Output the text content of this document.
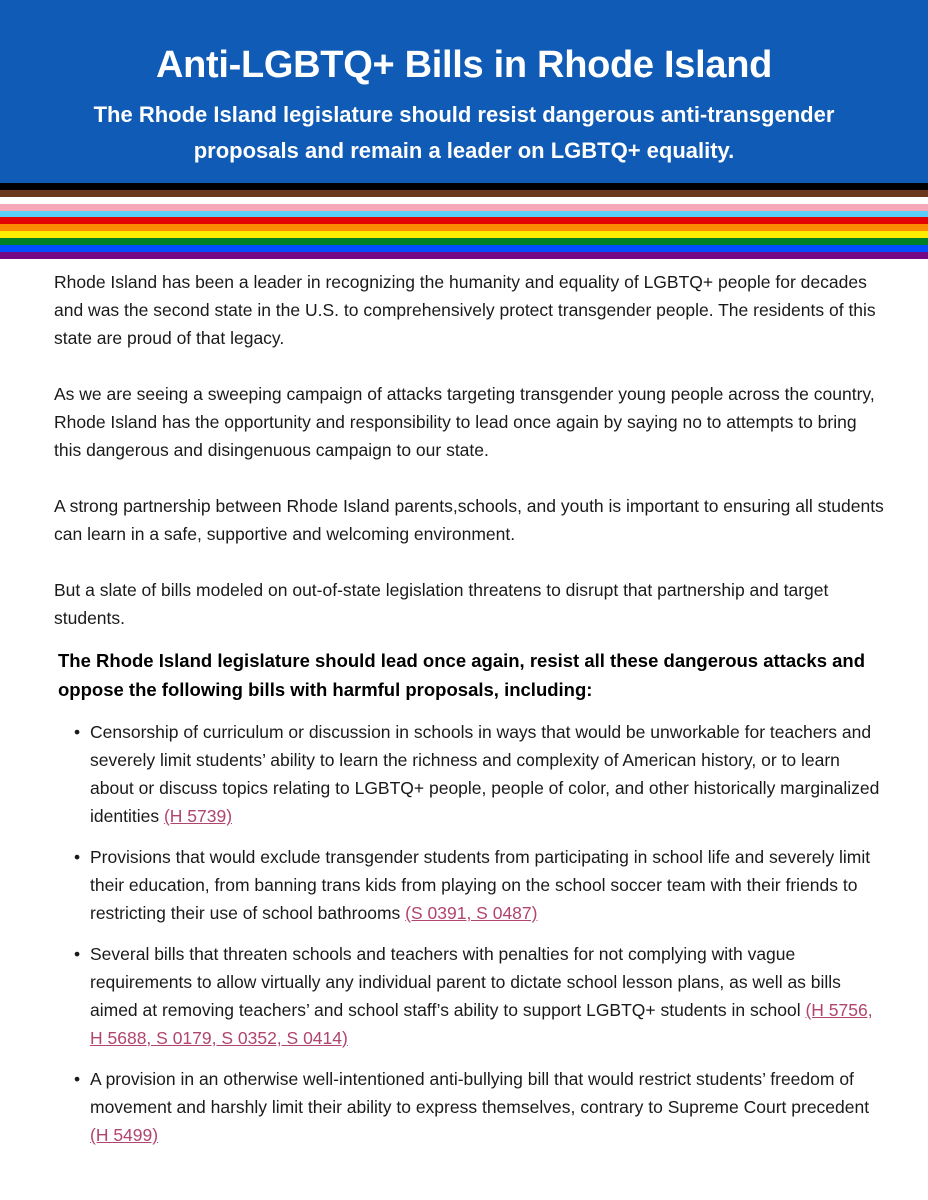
Anti-LGBTQ+ Bills in Rhode Island
The Rhode Island legislature should resist dangerous anti-transgender proposals and remain a leader on LGBTQ+ equality.

Rhode Island has been a leader in recognizing the humanity and equality of LGBTQ+ people for decades and was the second state in the U.S. to comprehensively protect transgender people. The residents of this state are proud of that legacy.

As we are seeing a sweeping campaign of attacks targeting transgender young people across the country, Rhode Island has the opportunity and responsibility to lead once again by saying no to attempts to bring this dangerous and disingenuous campaign to our state.

A strong partnership between Rhode Island parents,schools, and youth is important to ensuring all students can learn in a safe, supportive and welcoming environment.

But a slate of bills modeled on out-of-state legislation threatens to disrupt that partnership and target students.

The Rhode Island legislature should lead once again, resist all these dangerous attacks and oppose the following bills with harmful proposals, including:
• Censorship of curriculum or discussion in schools in ways that would be unworkable for teachers and severely limit students’ ability to learn the richness and complexity of American history, or to learn about or discuss topics relating to LGBTQ+ people, people of color, and other historically marginalized identities (H 5739)
• Provisions that would exclude transgender students from participating in school life and severely limit their education, from banning trans kids from playing on the school soccer team with their friends to restricting their use of school bathrooms (S 0391, S 0487)
• Several bills that threaten schools and teachers with penalties for not complying with vague requirements to allow virtually any individual parent to dictate school lesson plans, as well as bills aimed at removing teachers’ and school staff’s ability to support LGBTQ+ students in school (H 5756, H 5688, S 0179, S 0352, S 0414)
• A provision in an otherwise well-intentioned anti-bullying bill that would restrict students’ freedom of movement and harshly limit their ability to express themselves, contrary to Supreme Court precedent (H 5499)
